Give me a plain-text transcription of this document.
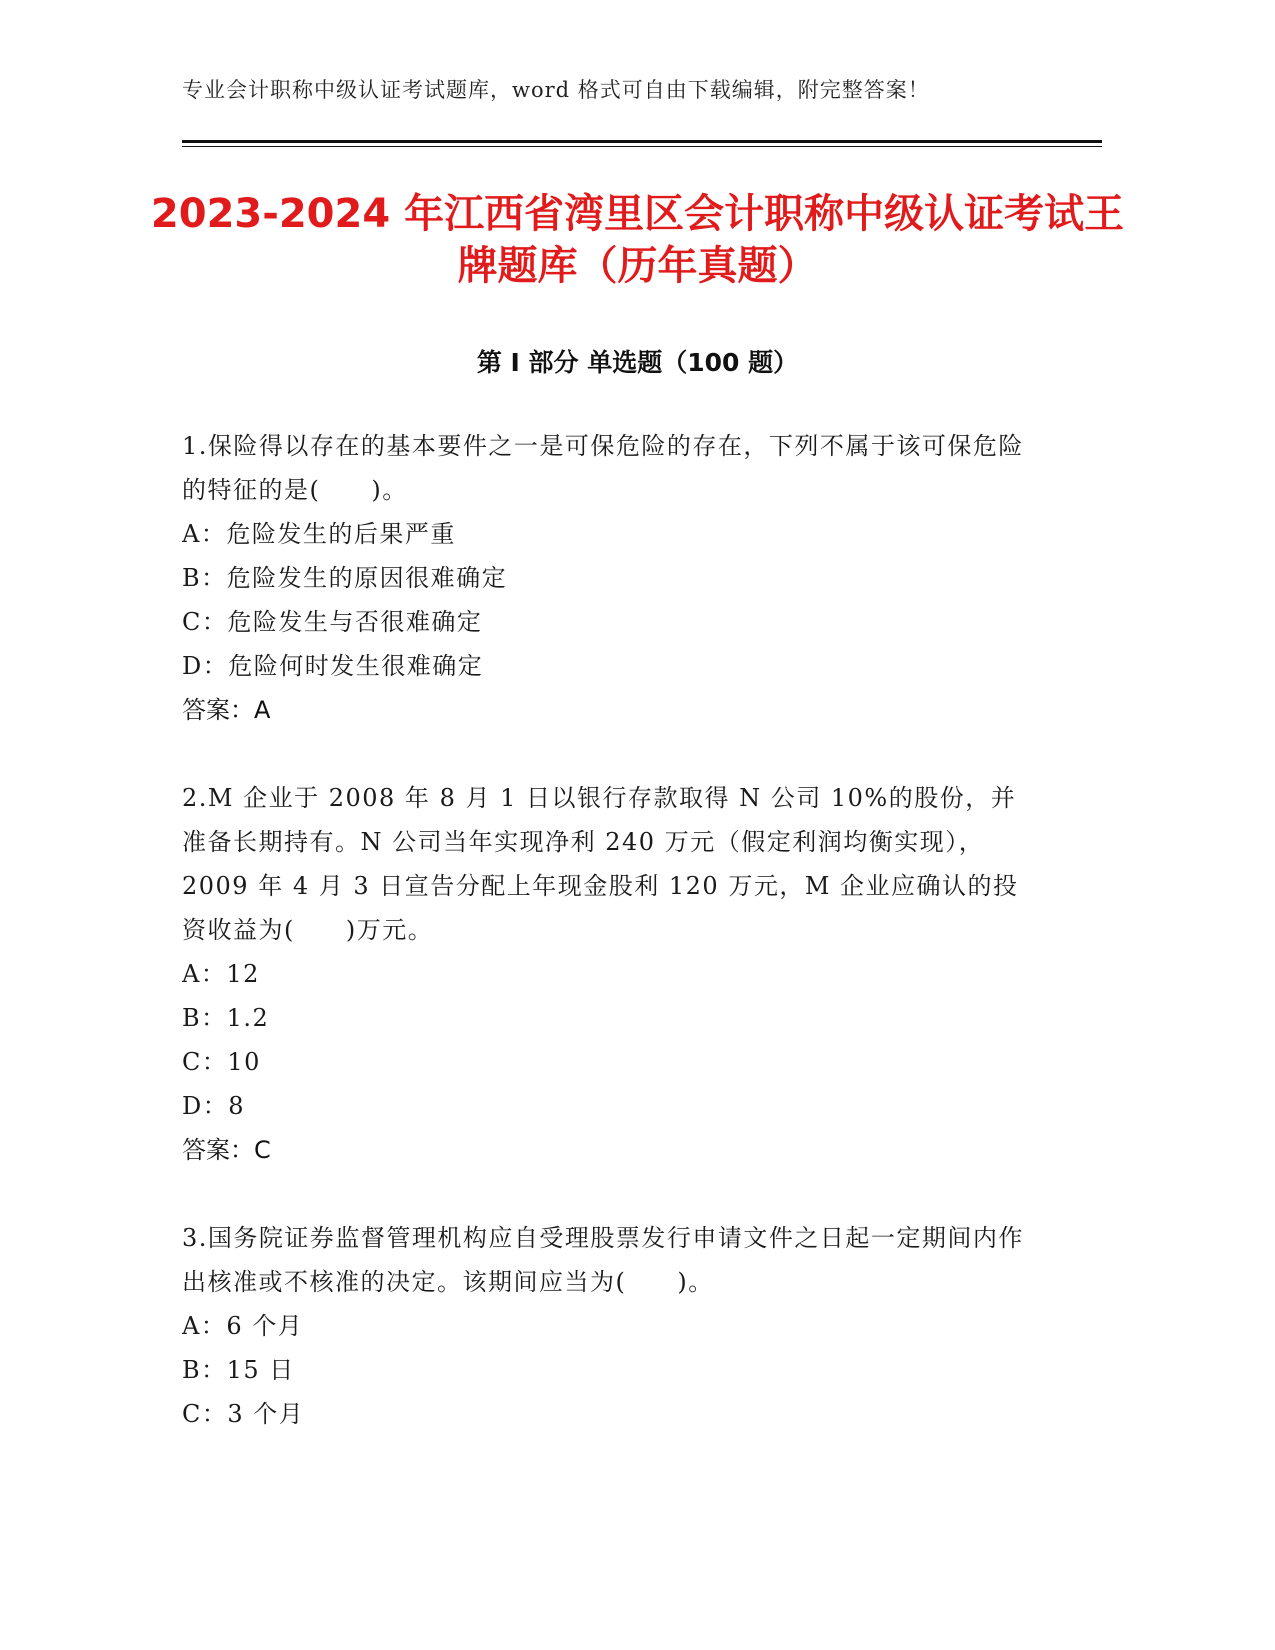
专业会计职称中级认证考试题库，word 格式可自由下载编辑，附完整答案！
2023-2024 年江西省湾里区会计职称中级认证考试王牌题库（历年真题）
第 I 部分 单选题（100 题）

1.保险得以存在的基本要件之一是可保危险的存在，下列不属于该可保危险的特征的是(　　)。

A：危险发生的后果严重

B：危险发生的原因很难确定

C：危险发生与否很难确定

D：危险何时发生很难确定

答案：A

2.M 企业于 2008 年 8 月 1 日以银行存款取得 N 公司 10%的股份，并准备长期持有。N 公司当年实现净利 240 万元（假定利润均衡实现），2009 年 4 月 3 日宣告分配上年现金股利 120 万元，M 企业应确认的投资收益为(　　)万元。

A：12

B：1.2

C：10

D：8

答案：C

3.国务院证券监督管理机构应自受理股票发行申请文件之日起一定期间内作出核准或不核准的决定。该期间应当为(　　)。

A：6 个月

B：15 日

C：3 个月
